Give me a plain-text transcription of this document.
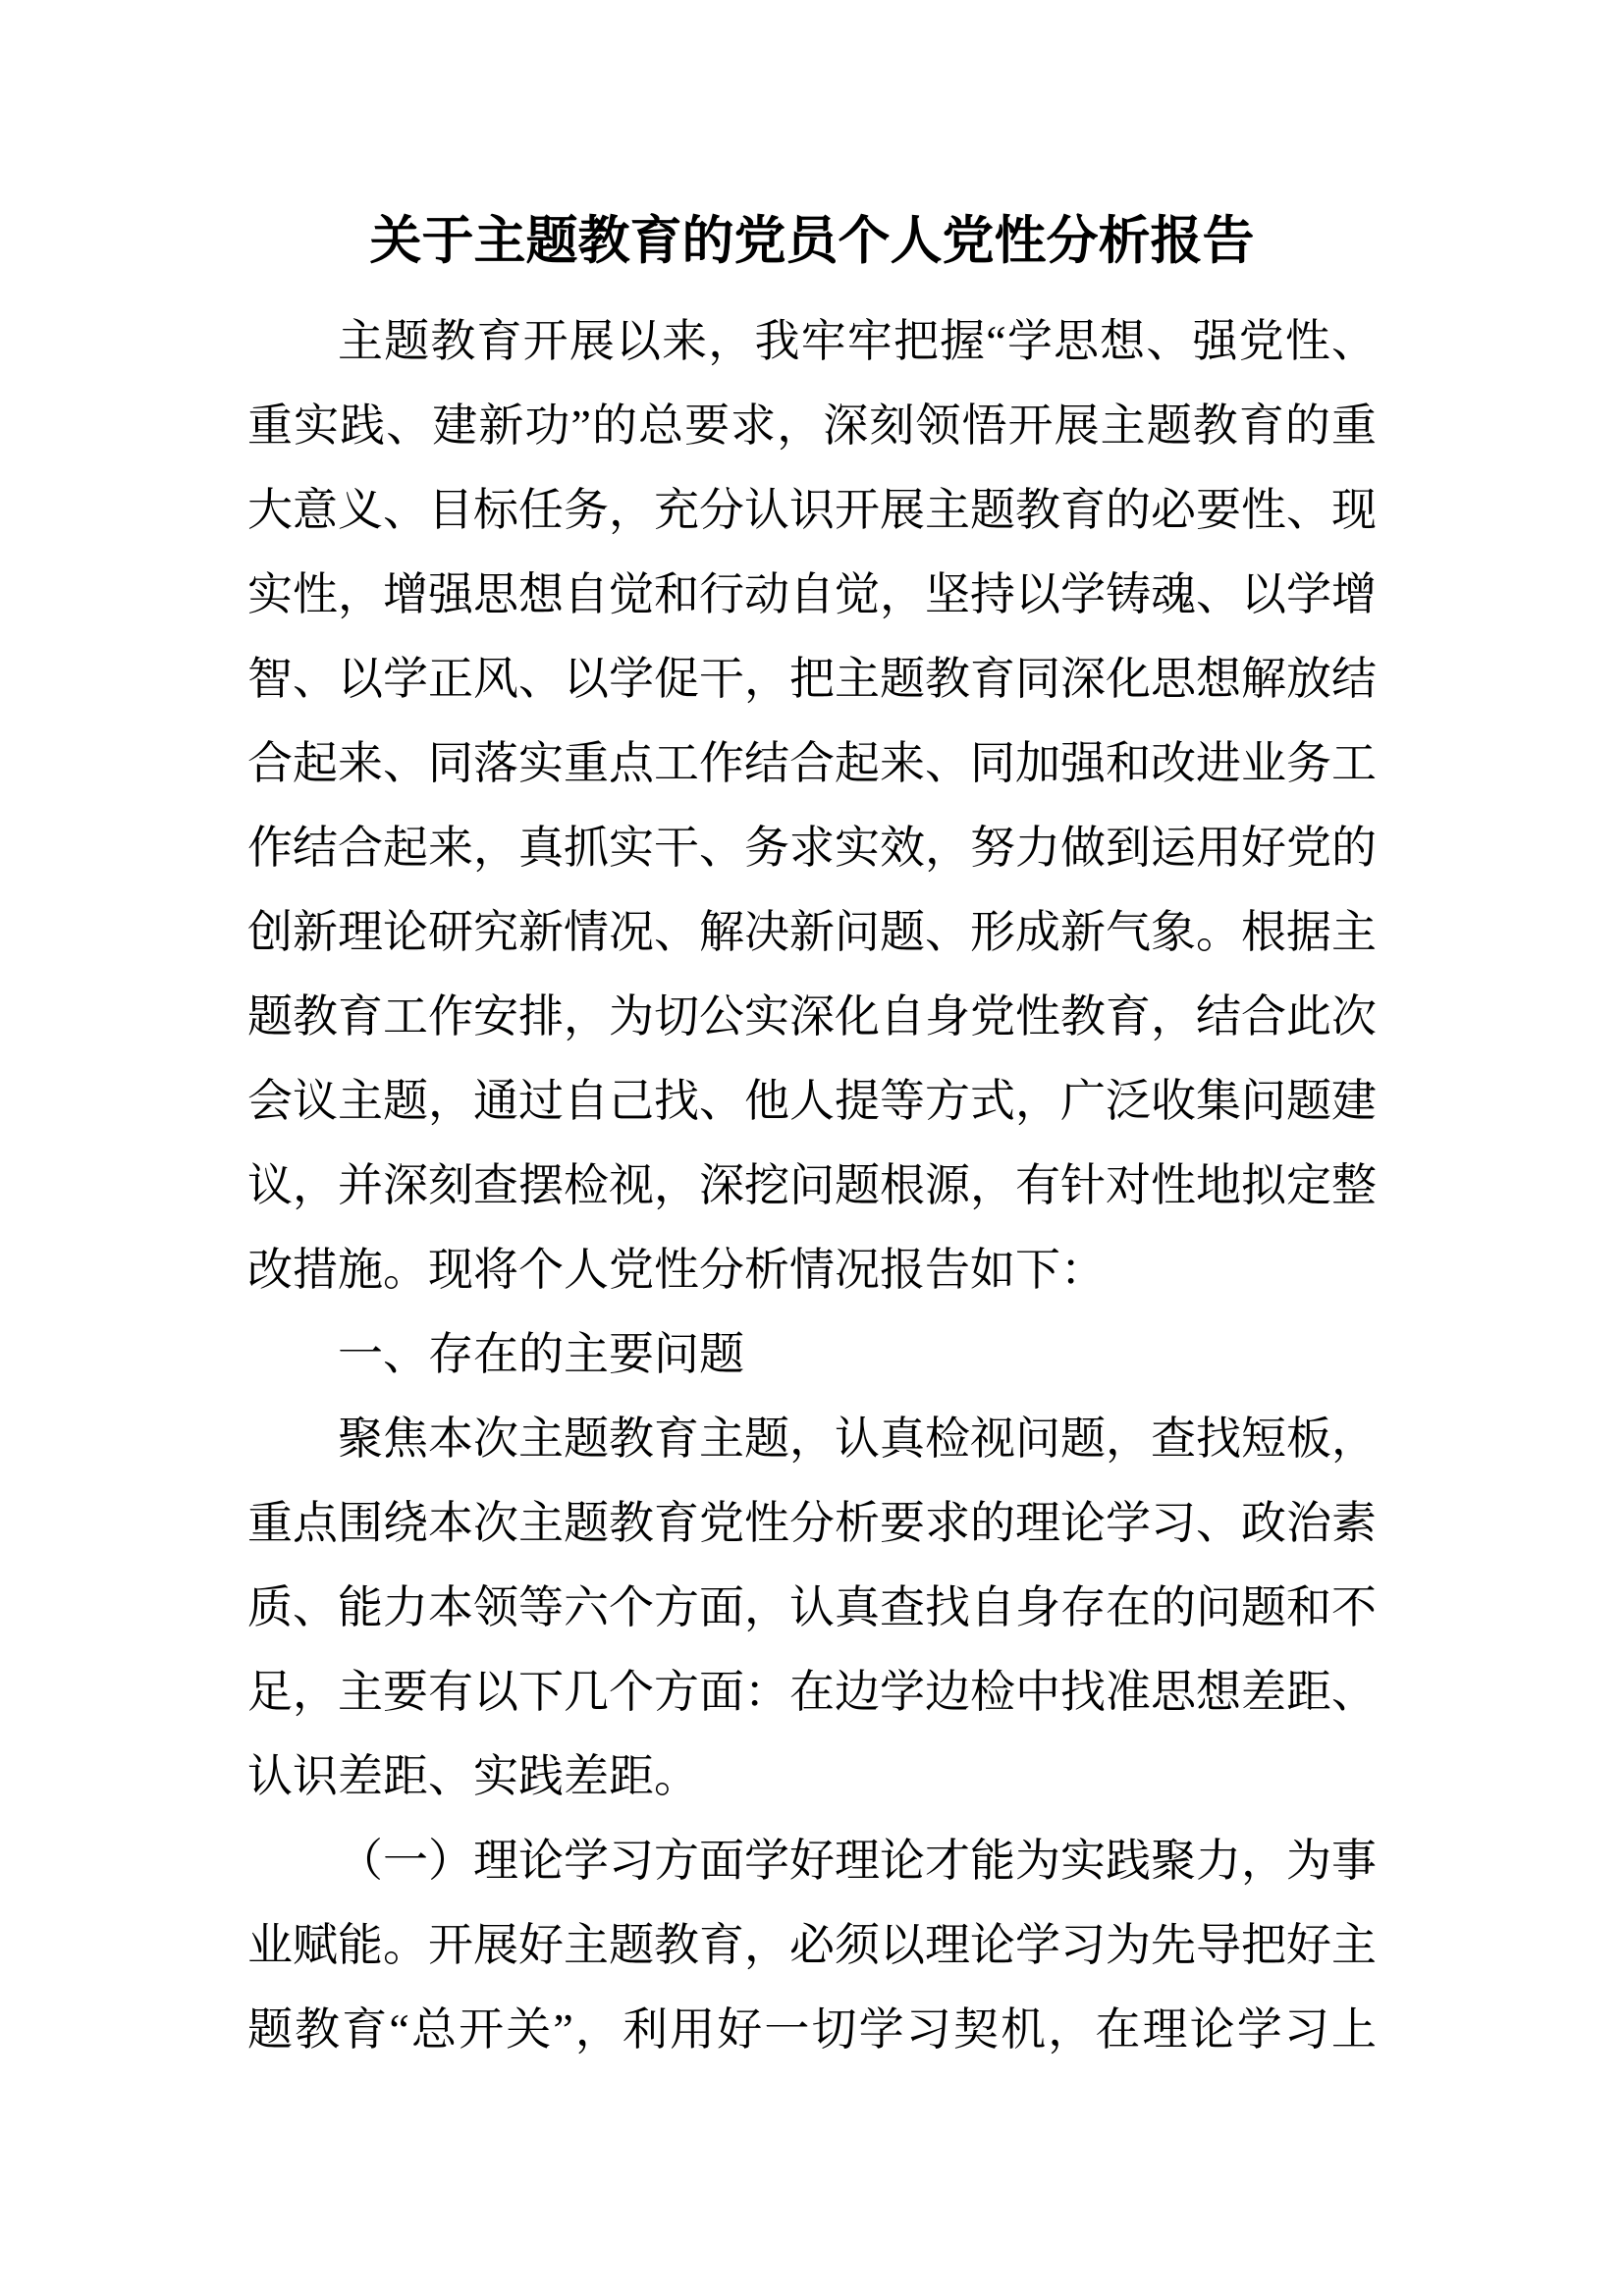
关于主题教育的党员个人党性分析报告
主题教育开展以来，我牢牢把握“学思想、强党性、
重实践、建新功”的总要求，深刻领悟开展主题教育的重
大意义、目标任务，充分认识开展主题教育的必要性、现
实性，增强思想自觉和行动自觉，坚持以学铸魂、以学增
智、以学正风、以学促干，把主题教育同深化思想解放结
合起来、同落实重点工作结合起来、同加强和改进业务工
作结合起来，真抓实干、务求实效，努力做到运用好党的
创新理论研究新情况、解决新问题、形成新气象。根据主
题教育工作安排，为切公实深化自身党性教育，结合此次
会议主题，通过自己找、他人提等方式，广泛收集问题建
议，并深刻查摆检视，深挖问题根源，有针对性地拟定整
改措施。现将个人党性分析情况报告如下：
一、存在的主要问题
聚焦本次主题教育主题，认真检视问题，查找短板，
重点围绕本次主题教育党性分析要求的理论学习、政治素
质、能力本领等六个方面，认真查找自身存在的问题和不
足，主要有以下几个方面：在边学边检中找准思想差距、
认识差距、实践差距。
（一）理论学习方面学好理论才能为实践聚力，为事
业赋能。开展好主题教育，必须以理论学习为先导把好主
题教育“总开关”，利用好一切学习契机，在理论学习上
